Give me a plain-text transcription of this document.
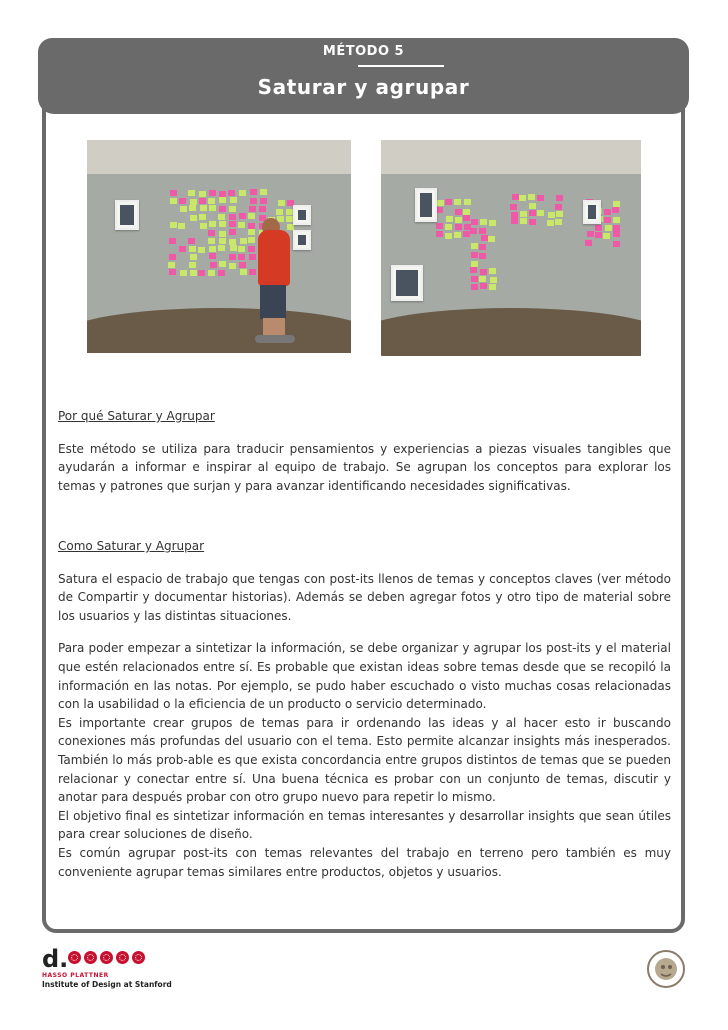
MÉTODO 5
Saturar y agrupar

Por qué Saturar y Agrupar

Este método se utiliza para traducir pensamientos y experiencias a piezas visuales tangibles que ayudarán a informar e inspirar al equipo de trabajo. Se agrupan los conceptos para explorar los temas y patrones que surjan y para avanzar identificando necesidades significativas.

Como Saturar y Agrupar

Satura el espacio de trabajo que tengas con post-its llenos de temas y conceptos claves (ver método de Compartir y documentar historias). Además se deben agregar fotos y otro tipo de material sobre los usuarios y las distintas situaciones.

Para poder empezar a sintetizar la información, se debe organizar y agrupar los post-its y el material que estén relacionados entre sí. Es probable que existan ideas sobre temas desde que se recopiló la información en las notas. Por ejemplo, se pudo haber escuchado o visto muchas cosas relacionadas con la usabilidad o la eficiencia de un producto o servicio determinado.

Es importante crear grupos de temas para ir ordenando las ideas y al hacer esto ir buscando conexiones más profundas del usuario con el tema. Esto permite alcanzar insights más inesperados. También lo más prob-able es que exista concordancia entre grupos distintos de temas que se pueden relacionar y conectar entre sí. Una buena técnica es probar con un conjunto de temas, discutir y anotar para después probar con otro grupo nuevo para repetir lo mismo.

El objetivo final es sintetizar información en temas interesantes y desarrollar insights que sean útiles para crear soluciones de diseño.

Es común agrupar post-its con temas relevantes del trabajo en terreno pero también es muy conveniente agrupar temas similares entre productos, objetos y usuarios.

d.
HASSO PLATTNER
Institute of Design at Stanford
